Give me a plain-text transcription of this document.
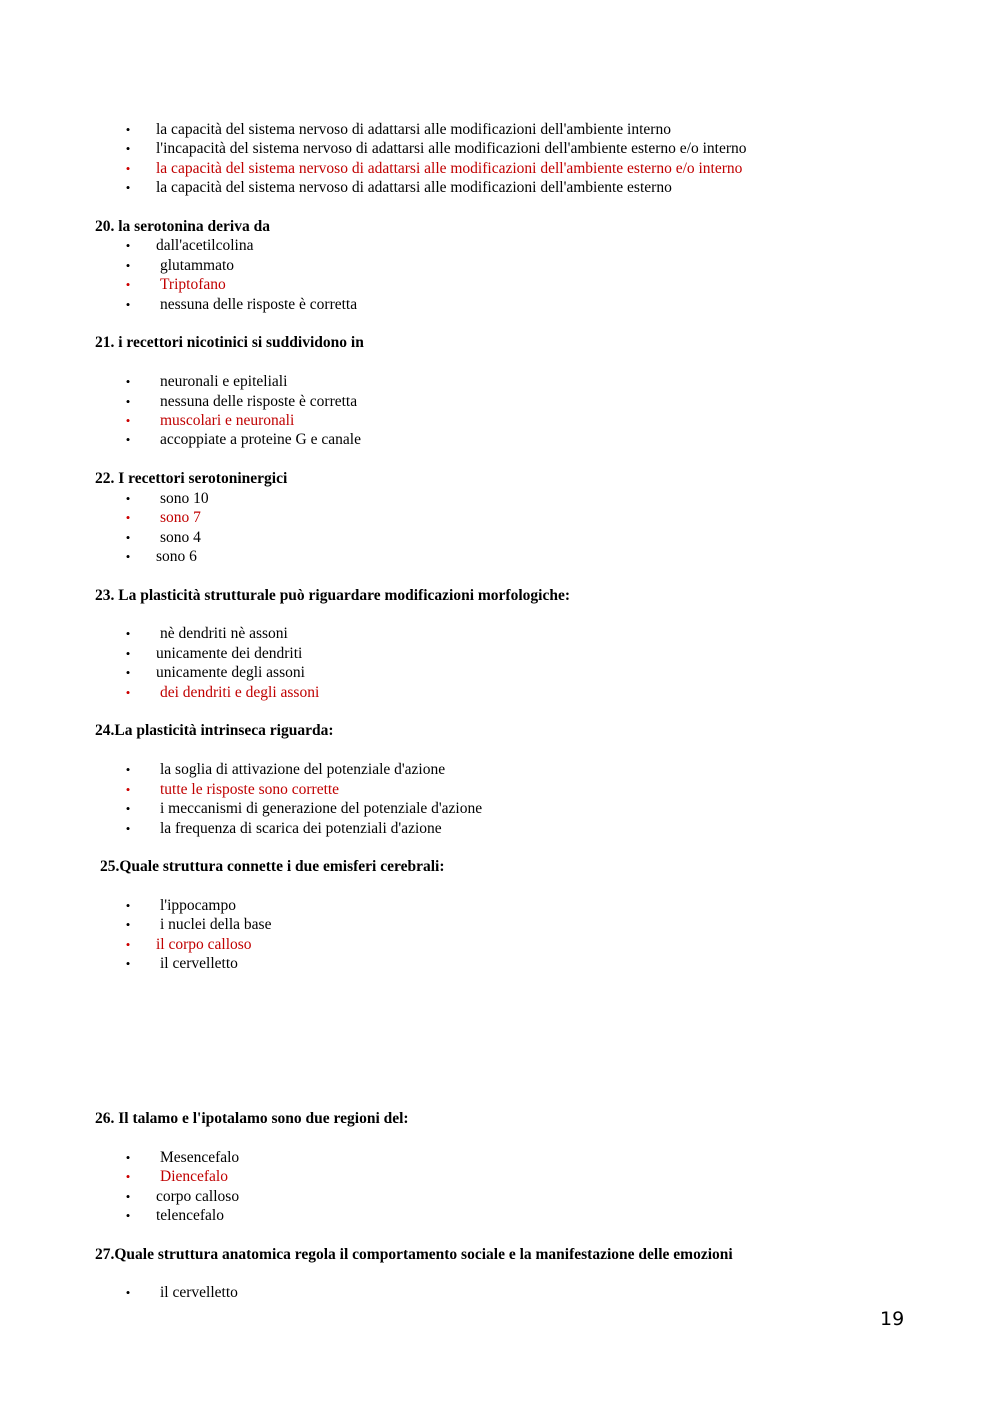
•	la capacità del sistema nervoso di adattarsi alle modificazioni dell'ambiente interno
•	l'incapacità del sistema nervoso di adattarsi alle modificazioni dell'ambiente esterno e/o interno
•	la capacità del sistema nervoso di adattarsi alle modificazioni dell'ambiente esterno e/o interno
•	la capacità del sistema nervoso di adattarsi alle modificazioni dell'ambiente esterno
20. la serotonina deriva da
•	dall'acetilcolina
•	glutammato
•	Triptofano
•	nessuna delle risposte è corretta
21. i recettori nicotinici si suddividono in
•	neuronali e epiteliali
•	nessuna delle risposte è corretta
•	muscolari e neuronali
•	accoppiate a proteine G e canale
22. I recettori serotoninergici
•	sono 10
•	sono 7
•	sono 4
•	sono 6
23. La plasticità strutturale può riguardare modificazioni morfologiche:
•	nè dendriti nè assoni
•	unicamente dei dendriti
•	unicamente degli assoni
•	dei dendriti e degli assoni
24.La plasticità intrinseca riguarda:
•	la soglia di attivazione del potenziale d'azione
•	tutte le risposte sono corrette
•	i meccanismi di generazione del potenziale d'azione
•	la frequenza di scarica dei potenziali d'azione
25.Quale struttura connette i due emisferi cerebrali:
•	l'ippocampo
•	i nuclei della base
•	il corpo calloso
•	il cervelletto
26. Il talamo e l'ipotalamo sono due regioni del:
•	Mesencefalo
•	Diencefalo
•	corpo calloso
•	telencefalo
27.Quale struttura anatomica regola il comportamento sociale e la manifestazione delle emozioni
•	il cervelletto
19
